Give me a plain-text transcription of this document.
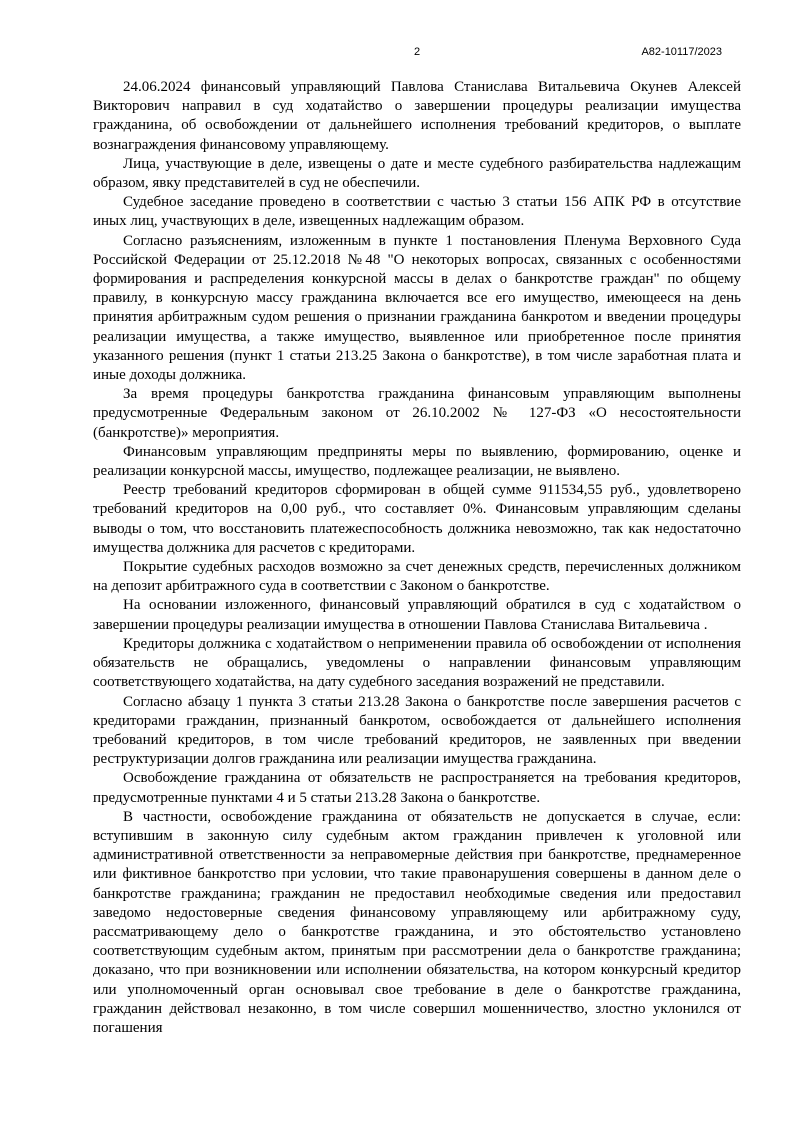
2	А82-10117/2023

24.06.2024 финансовый управляющий Павлова Станислава Витальевича Окунев Алексей Викторович направил в суд ходатайство о завершении процедуры реализации имущества гражданина, об освобождении от дальнейшего исполнения требований кредиторов, о выплате вознаграждения финансовому управляющему.

Лица, участвующие в деле, извещены о дате и месте судебного разбирательства надлежащим образом, явку представителей в суд не обеспечили.

Судебное заседание проведено в соответствии с частью 3 статьи 156 АПК РФ в отсутствие иных лиц, участвующих в деле, извещенных надлежащим образом.

Согласно разъяснениям, изложенным в пункте 1 постановления Пленума Верховного Суда Российской Федерации от 25.12.2018 №48 "О некоторых вопросах, связанных с особенностями формирования и распределения конкурсной массы в делах о банкротстве граждан" по общему правилу, в конкурсную массу гражданина включается все его имущество, имеющееся на день принятия арбитражным судом решения о признании гражданина банкротом и введении процедуры реализации имущества, а также имущество, выявленное или приобретенное после принятия указанного решения (пункт 1 статьи 213.25 Закона о банкротстве), в том числе заработная плата и иные доходы должника.

За время процедуры банкротства гражданина финансовым управляющим выполнены предусмотренные Федеральным законом от 26.10.2002 № 127-ФЗ «О несостоятельности (банкротстве)» мероприятия.

Финансовым управляющим предприняты меры по выявлению, формированию, оценке и реализации конкурсной массы, имущество, подлежащее реализации, не выявлено.

Реестр требований кредиторов сформирован в общей сумме 911534,55 руб., удовлетворено требований кредиторов на 0,00 руб., что составляет 0%. Финансовым управляющим сделаны выводы о том, что восстановить платежеспособность должника невозможно, так как недостаточно имущества должника для расчетов с кредиторами.

Покрытие судебных расходов возможно за счет денежных средств, перечисленных должником на депозит арбитражного суда в соответствии с Законом о банкротстве.

На основании изложенного, финансовый управляющий обратился в суд с ходатайством о завершении процедуры реализации имущества в отношении Павлова Станислава Витальевича .

Кредиторы должника с ходатайством о неприменении правила об освобождении от исполнения обязательств не обращались, уведомлены о направлении финансовым управляющим соответствующего ходатайства, на дату судебного заседания возражений не представили.

Согласно абзацу 1 пункта 3 статьи 213.28 Закона о банкротстве после завершения расчетов с кредиторами гражданин, признанный банкротом, освобождается от дальнейшего исполнения требований кредиторов, в том числе требований кредиторов, не заявленных при введении реструктуризации долгов гражданина или реализации имущества гражданина.

Освобождение гражданина от обязательств не распространяется на требования кредиторов, предусмотренные пунктами 4 и 5 статьи 213.28 Закона о банкротстве.

В частности, освобождение гражданина от обязательств не допускается в случае, если: вступившим в законную силу судебным актом гражданин привлечен к уголовной или административной ответственности за неправомерные действия при банкротстве, преднамеренное или фиктивное банкротство при условии, что такие правонарушения совершены в данном деле о банкротстве гражданина; гражданин не предоставил необходимые сведения или предоставил заведомо недостоверные сведения финансовому управляющему или арбитражному суду, рассматривающему дело о банкротстве гражданина, и это обстоятельство установлено соответствующим судебным актом, принятым при рассмотрении дела о банкротстве гражданина; доказано, что при возникновении или исполнении обязательства, на котором конкурсный кредитор или уполномоченный орган основывал свое требование в деле о банкротстве гражданина, гражданин действовал незаконно, в том числе совершил мошенничество, злостно уклонился от погашения
